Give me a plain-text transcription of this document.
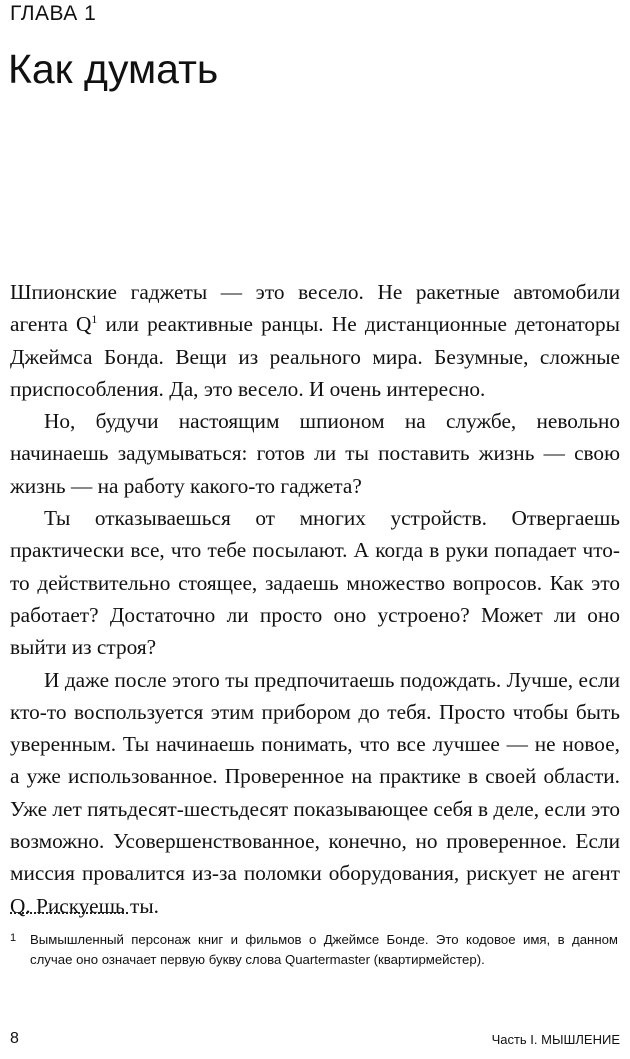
ГЛАВА 1
Как думать

Шпионские гаджеты — это весело. Не ракетные автомобили агента Q$^1$ или реактивные ранцы. Не дистанционные детонаторы Джеймса Бонда. Вещи из реального мира. Безумные, сложные приспособления. Да, это весело. И очень интересно.

Но, будучи настоящим шпионом на службе, невольно начинаешь задумываться: готов ли ты поставить жизнь — свою жизнь — на работу какого-то гаджета?

Ты отказываешься от многих устройств. Отвергаешь практически все, что тебе посылают. А когда в руки попадает что-то действительно стоящее, задаешь множество вопросов. Как это работает? Достаточно ли просто оно устроено? Может ли оно выйти из строя?

И даже после этого ты предпочитаешь подождать. Лучше, если кто-то воспользуется этим прибором до тебя. Просто чтобы быть уверенным. Ты начинаешь понимать, что все лучшее — не новое, а уже использованное. Проверенное на практике в своей области. Уже лет пятьдесят-шестьдесят показывающее себя в деле, если это возможно. Усовершенствованное, конечно, но проверенное. Если миссия провалится из-за поломки оборудования, рискует не агент Q. Рискуешь ты.

1 Вымышленный персонаж книг и фильмов о Джеймсе Бонде. Это кодовое имя, в данном случае оно означает первую букву слова Quartermaster (квартирмейстер).
8	Часть I. МЫШЛЕНИЕ
